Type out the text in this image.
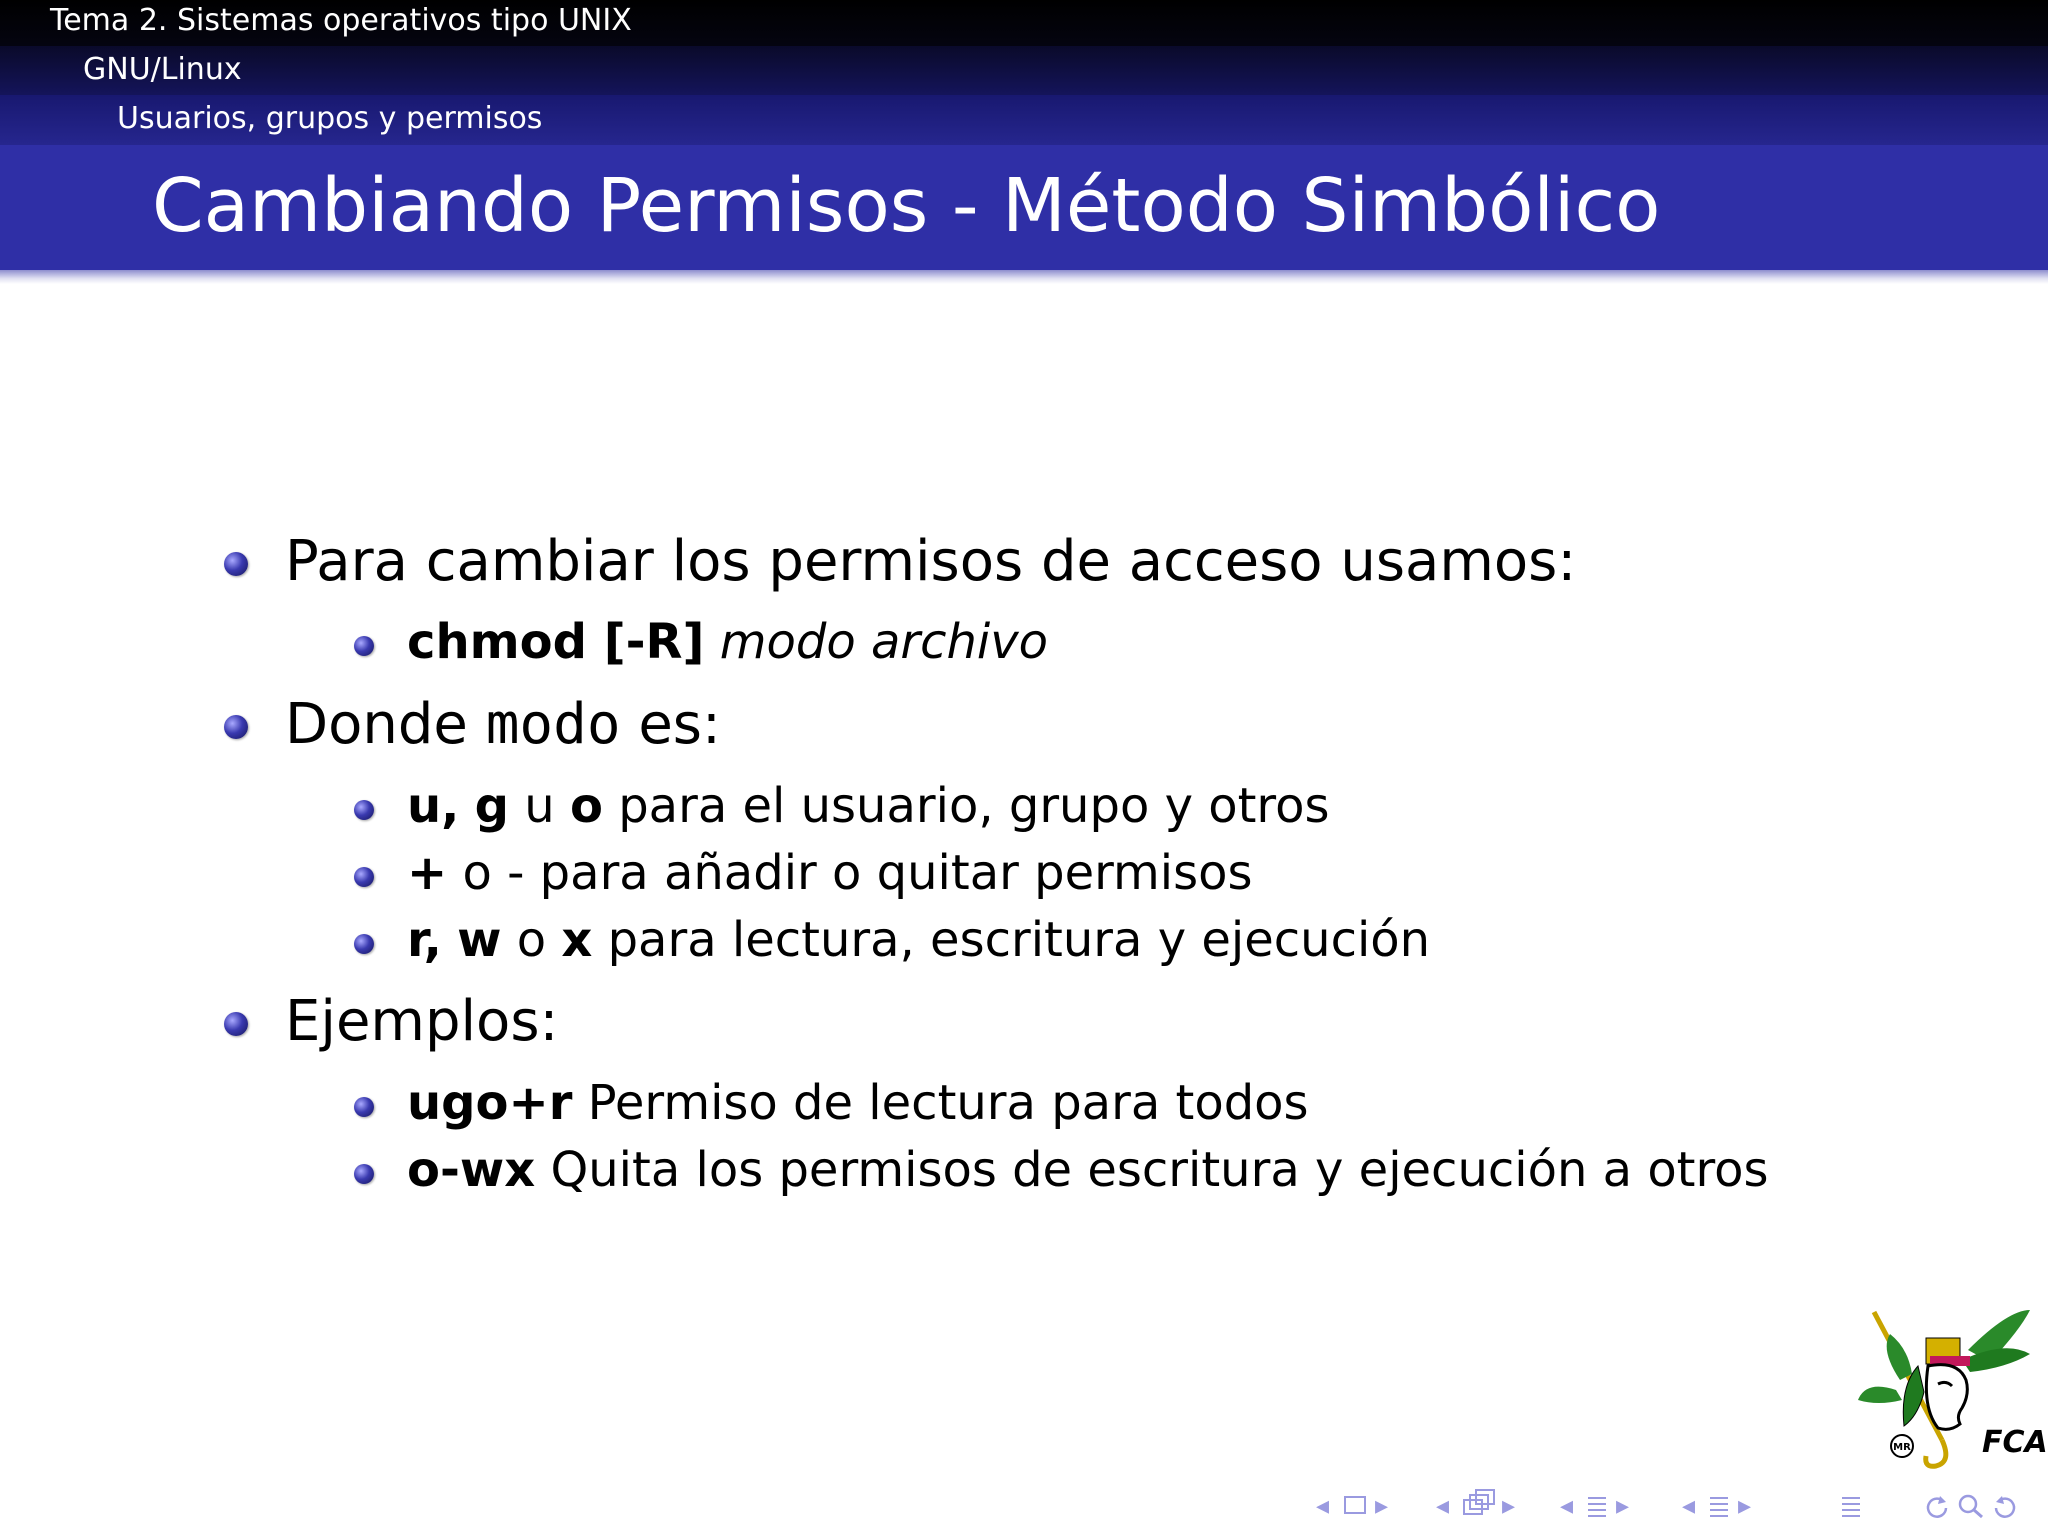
Tema 2. Sistemas operativos tipo UNIX
GNU/Linux
Usuarios, grupos y permisos
Cambiando Permisos - Método Simbólico
Para cambiar los permisos de acceso usamos:
chmod [-R] modo archivo
Donde modo es:
u, g u o para el usuario, grupo y otros
+ o - para añadir o quitar permisos
r, w o x para lectura, escritura y ejecución
Ejemplos:
ugo+r Permiso de lectura para todos
o-wx Quita los permisos de escritura y ejecución a otros
MR FCA
◂ ▸ ◂ ▸ ◂ ▸ ◂ ▸
